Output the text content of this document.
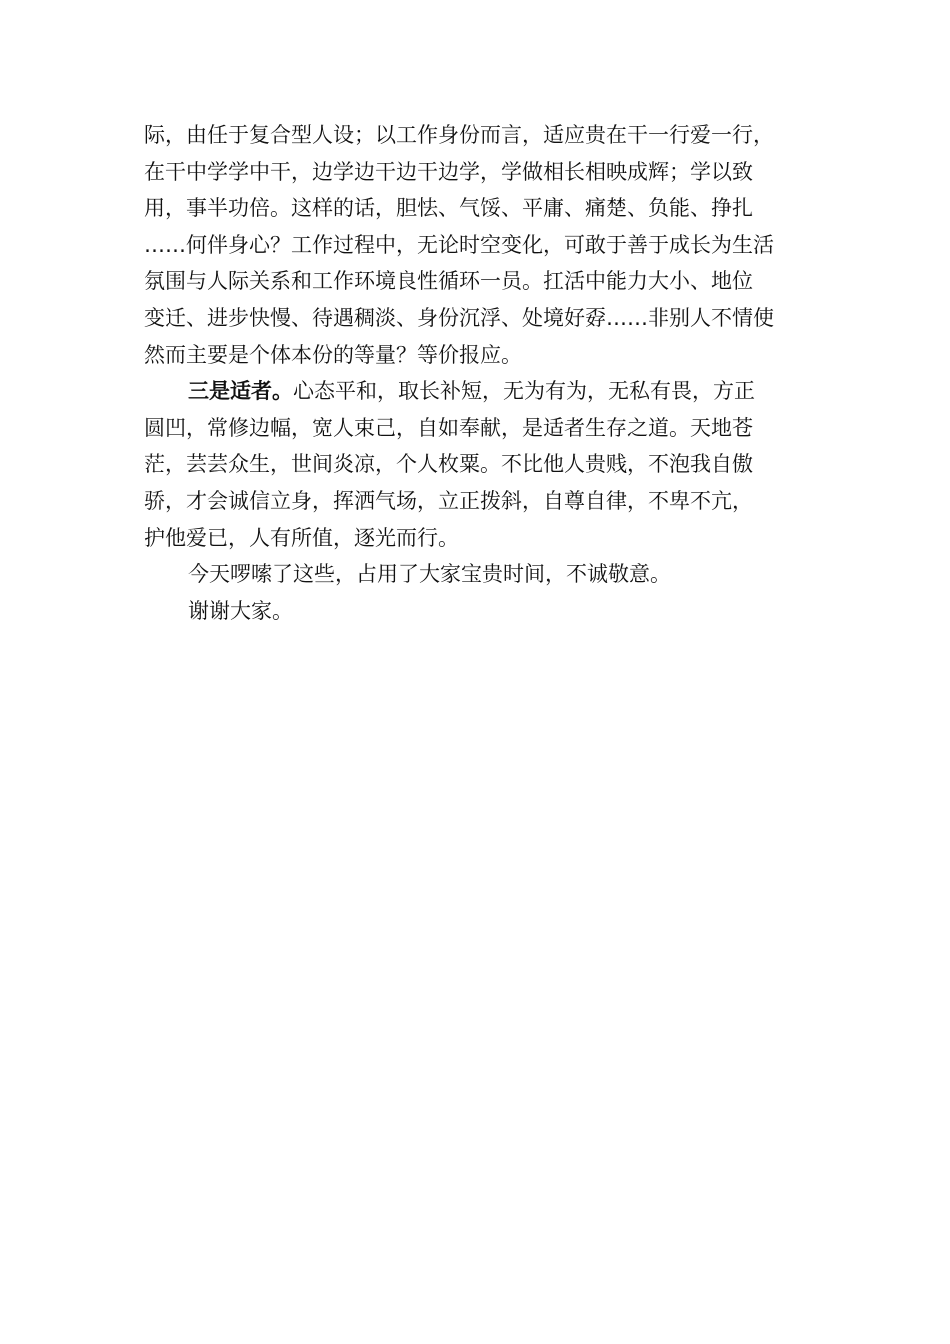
际，由任于复合型人设；以工作身份而言，适应贵在干一行爱一行，
在干中学学中干，边学边干边干边学，学做相长相映成辉；学以致
用，事半功倍。这样的话，胆怯、气馁、平庸、痛楚、负能、挣扎
……何伴身心？工作过程中，无论时空变化，可敢于善于成长为生活
氛围与人际关系和工作环境良性循环一员。扛活中能力大小、地位
变迁、进步快慢、待遇稠淡、身份沉浮、处境好孬……非别人不情使
然而主要是个体本份的等量？等价报应。

三是适者。心态平和，取长补短，无为有为，无私有畏，方正
圆凹，常修边幅，宽人束己，自如奉献，是适者生存之道。天地苍
茫，芸芸众生，世间炎凉，个人枚粟。不比他人贵贱，不泡我自傲
骄，才会诚信立身，挥洒气场，立正拨斜，自尊自律，不卑不亢，
护他爱已，人有所值，逐光而行。

今天啰嗦了这些，占用了大家宝贵时间，不诚敬意。

谢谢大家。
